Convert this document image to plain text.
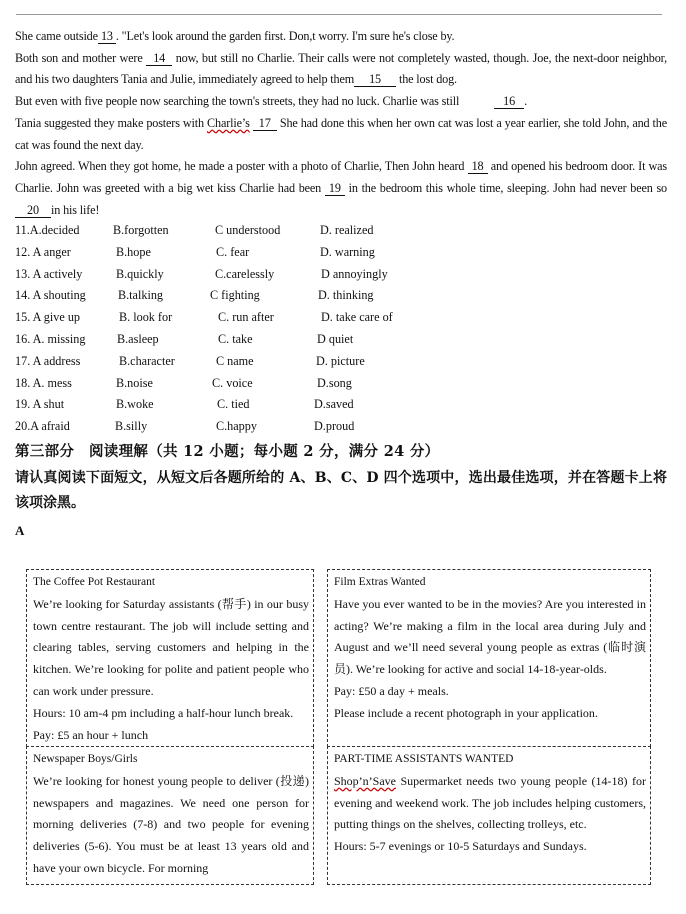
She came outside 13 . "Let's look around the garden first. Don,t worry. I'm sure he's close by.

Both son and mother were 14 now, but still no Charlie. Their calls were not completely wasted, though. Joe, the next-door neighbor, and his two daughters Tania and Julie, immediately agreed to help them 15 the lost dog.

But even with five people now searching the town's streets, they had no luck. Charlie was still	16 .

Tania suggested they make posters with Charlie’s 17 She had done this when her own cat was lost a year earlier, she told John, and the cat was found the next day.

John agreed. When they got home, he made a poster with a photo of Charlie, Then John heard 18 and opened his bedroom door. It was Charlie. John was greeted with a big wet kiss Charlie had been 19 in the bedroom this whole time, sleeping. John had never been so20 in his life!

11.A.decided	B.forgotten	C understood	D. realized
12. A anger	B.hope	C. fear	D. warning
13. A actively	B.quickly	C.carelessly	D annoyingly
14. A shouting	B.talking	C fighting	D. thinking
15. A give up	B. look for	C. run after	D. take care of
16. A. missing	B.asleep	C. take	D quiet
17. A address	B.character	C name	D. picture
18. A. mess	B.noise	C. voice	D.song
19. A shut	B.woke	C. tied	D.saved
20.A afraid	B.silly	C.happy	D.proud
第三部分　阅读理解（共 12 小题；每小题 2 分，满分 24 分）
请认真阅读下面短文，从短文后各题所给的 A、B、C、D 四个选项中，选出最佳选项，并在答题卡上将该项涂黑。
A
The Coffee Pot Restaurant

We’re looking for Saturday assistants (帮手) in our busy town centre restaurant. The job will include setting and clearing tables, serving customers and helping in the kitchen. We’re looking for polite and patient people who can work under pressure.

Hours: 10 am-4 pm including a half-hour lunch break.
Pay: £5 an hour + lunch
Film Extras Wanted

Have you ever wanted to be in the movies? Are you interested in acting? We’re making a film in the local area during July and August and we’ll need several young people as extras (临时演员). We’re looking for active and social 14-18-year-olds.

Pay: £50 a day + meals.
Please include a recent photograph in your application.
Newspaper Boys/Girls

We’re looking for honest young people to deliver (投递) newspapers and magazines. We need one person for morning deliveries (7-8) and two people for evening deliveries (5-6). You must be at least 13 years old and have your own bicycle. For morning

PART-TIME ASSISTANTS WANTED

Shop’n’Save Supermarket needs two young people (14-18) for evening and weekend work. The job includes helping customers, putting things on the shelves, collecting trolleys, etc.

Hours: 5-7 evenings or 10-5 Saturdays and Sundays.
